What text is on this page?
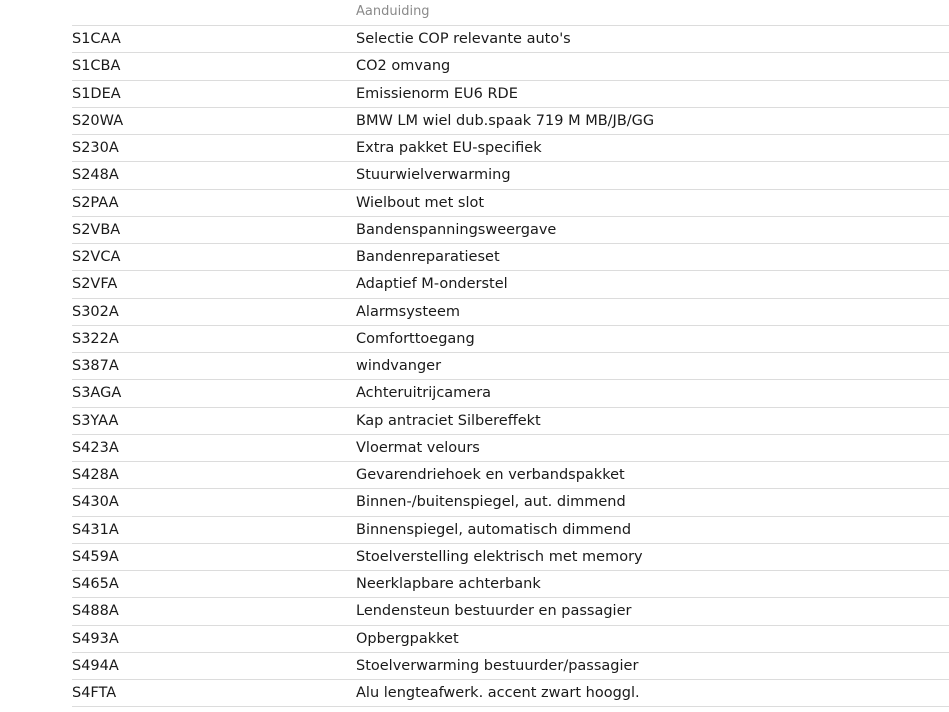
Aanduiding
S1CAA	Selectie COP relevante auto's
S1CBA	CO2 omvang
S1DEA	Emissienorm EU6 RDE
S20WA	BMW LM wiel dub.spaak 719 M MB/JB/GG
S230A	Extra pakket EU-specifiek
S248A	Stuurwielverwarming
S2PAA	Wielbout met slot
S2VBA	Bandenspanningsweergave
S2VCA	Bandenreparatieset
S2VFA	Adaptief M-onderstel
S302A	Alarmsysteem
S322A	Comforttoegang
S387A	windvanger
S3AGA	Achteruitrijcamera
S3YAA	Kap antraciet Silbereffekt
S423A	Vloermat velours
S428A	Gevarendriehoek en verbandspakket
S430A	Binnen-/buitenspiegel, aut. dimmend
S431A	Binnenspiegel, automatisch dimmend
S459A	Stoelverstelling elektrisch met memory
S465A	Neerklapbare achterbank
S488A	Lendensteun bestuurder en passagier
S493A	Opbergpakket
S494A	Stoelverwarming bestuurder/passagier
S4FTA	Alu lengteafwerk. accent zwart hooggl.
